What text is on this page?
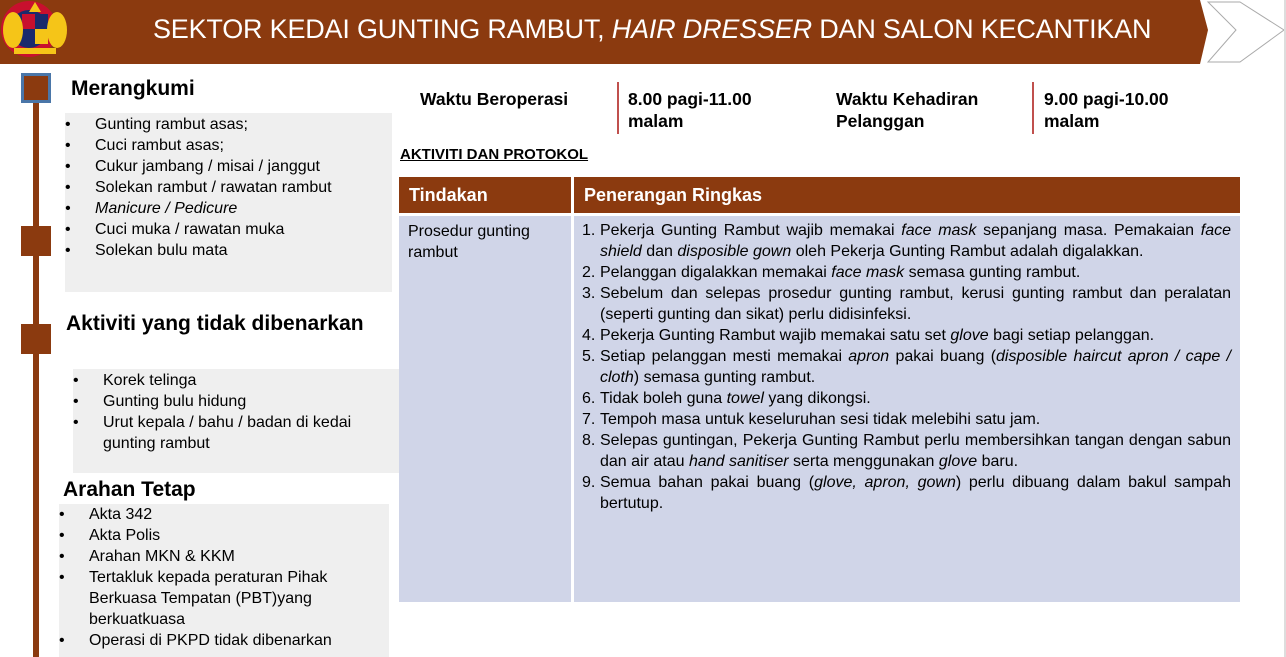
SEKTOR KEDAI GUNTING RAMBUT, HAIR DRESSER DAN SALON KECANTIKAN
Merangkumi
• Gunting rambut asas;
• Cuci rambut asas;
• Cukur jambang / misai / janggut
• Solekan rambut / rawatan rambut
• Manicure / Pedicure
• Cuci muka / rawatan muka
• Solekan bulu mata
Aktiviti yang tidak dibenarkan
• Korek telinga
• Gunting bulu hidung
• Urut kepala / bahu / badan di kedai gunting rambut
Arahan Tetap
• Akta 342
• Akta Polis
• Arahan MKN & KKM
• Tertakluk kepada peraturan Pihak Berkuasa Tempatan (PBT)yang berkuatkuasa
• Operasi di PKPD tidak dibenarkan
Waktu Beroperasi	8.00 pagi-11.00 malam
Waktu Kehadiran Pelanggan
9.00 pagi-10.00 malam
AKTIVITI DAN PROTOKOL
Tindakan	Penerangan Ringkas
Prosedur gunting rambut
1. Pekerja Gunting Rambut wajib memakai face mask sepanjang masa. Pemakaian face shield dan disposible gown oleh Pekerja Gunting Rambut adalah digalakkan.
2. Pelanggan digalakkan memakai face mask semasa gunting rambut.
3. Sebelum dan selepas prosedur gunting rambut, kerusi gunting rambut dan peralatan (seperti gunting dan sikat) perlu didisinfeksi.
4. Pekerja Gunting Rambut wajib memakai satu set glove bagi setiap pelanggan.
5. Setiap pelanggan mesti memakai apron pakai buang (disposible haircut apron / cape / cloth) semasa gunting rambut.
6. Tidak boleh guna towel yang dikongsi.
7. Tempoh masa untuk keseluruhan sesi tidak melebihi satu jam.
8. Selepas guntingan, Pekerja Gunting Rambut perlu membersihkan tangan dengan sabun dan air atau hand sanitiser serta menggunakan glove baru.
9. Semua bahan pakai buang (glove, apron, gown) perlu dibuang dalam bakul sampah bertutup.
